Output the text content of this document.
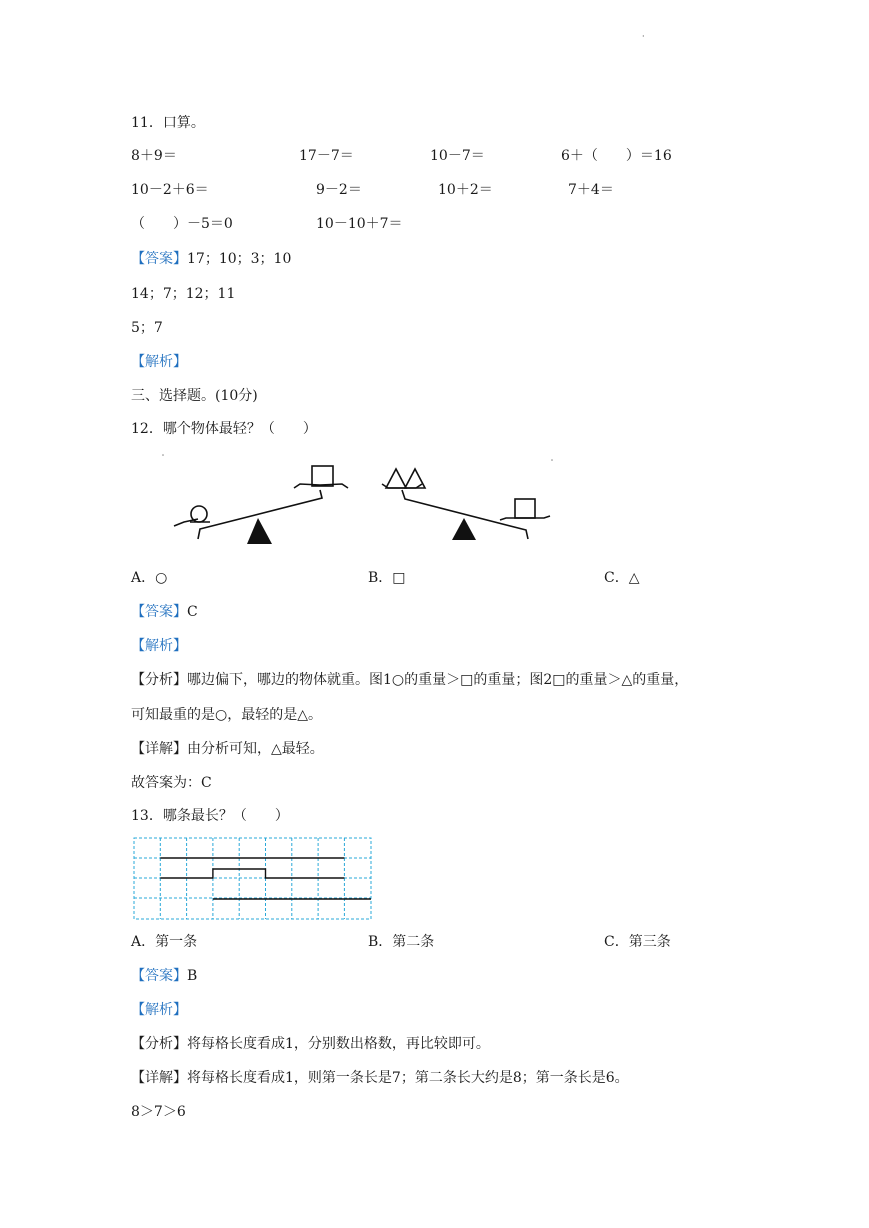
·
11．口算。
8＋9＝	17－7＝	10－7＝	6＋（　　）＝16
10－2＋6＝	9－2＝	10＋2＝	7＋4＝
（　　）－5＝0	10－10＋7＝
【答案】17；10；3；10
14；7；12；11
5；7
【解析】
三、选择题。(10分)
12．哪个物体最轻？（　　）
A．○	B．□	C．△
【答案】C
【解析】
【分析】哪边偏下，哪边的物体就重。图1○的重量＞□的重量；图2□的重量＞△的重量，
可知最重的是○，最轻的是△。
【详解】由分析可知，△最轻。
故答案为：C
13．哪条最长？（　　）
A．第一条	B．第二条	C．第三条
【答案】B
【解析】
【分析】将每格长度看成1，分别数出格数，再比较即可。
【详解】将每格长度看成1，则第一条长是7；第二条长大约是8；第一条长是6。
8＞7＞6
